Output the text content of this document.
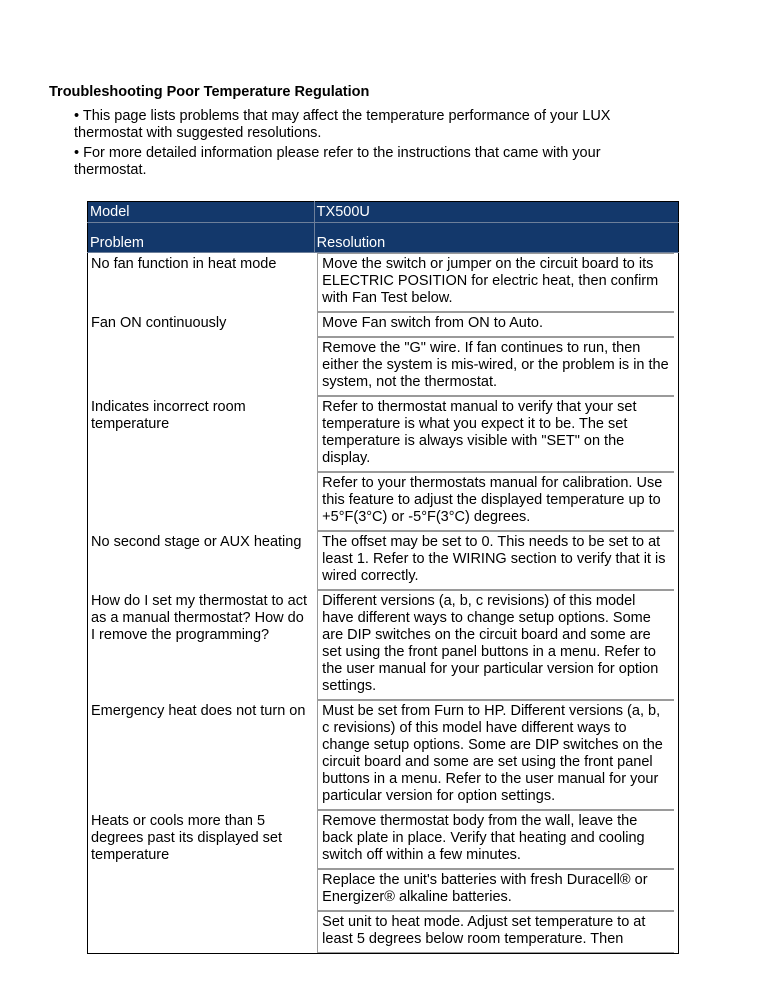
Troubleshooting Poor Temperature Regulation

• This page lists problems that may affect the temperature performance of your LUX thermostat with suggested resolutions.

• For more detailed information please refer to the instructions that came with your thermostat.

Model	TX500U

Problem	Resolution

No fan function in heat mode	Move the switch or jumper on the circuit board to its ELECTRIC POSITION for electric heat, then confirm with Fan Test below.

Fan ON continuously	Move Fan switch from ON to Auto.
Remove the "G" wire. If fan continues to run, then either the system is mis-wired, or the problem is in the system, not the thermostat.

Indicates incorrect room temperature	Refer to thermostat manual to verify that your set temperature is what you expect it to be. The set temperature is always visible with "SET" on the display.
Refer to your thermostats manual for calibration. Use this feature to adjust the displayed temperature up to +5°F(3°C) or -5°F(3°C) degrees.

No second stage or AUX heating	The offset may be set to 0. This needs to be set to at least 1. Refer to the WIRING section to verify that it is wired correctly.

How do I set my thermostat to act as a manual thermostat? How do I remove the programming?	Different versions (a, b, c revisions) of this model have different ways to change setup options. Some are DIP switches on the circuit board and some are set using the front panel buttons in a menu. Refer to the user manual for your particular version for option settings.

Emergency heat does not turn on	Must be set from Furn to HP. Different versions (a, b, c revisions) of this model have different ways to change setup options. Some are DIP switches on the circuit board and some are set using the front panel buttons in a menu. Refer to the user manual for your particular version for option settings.

Heats or cools more than 5 degrees past its displayed set temperature	Remove thermostat body from the wall, leave the back plate in place. Verify that heating and cooling switch off within a few minutes.
Replace the unit's batteries with fresh Duracell® or Energizer® alkaline batteries.
Set unit to heat mode. Adjust set temperature to at least 5 degrees below room temperature. Then
